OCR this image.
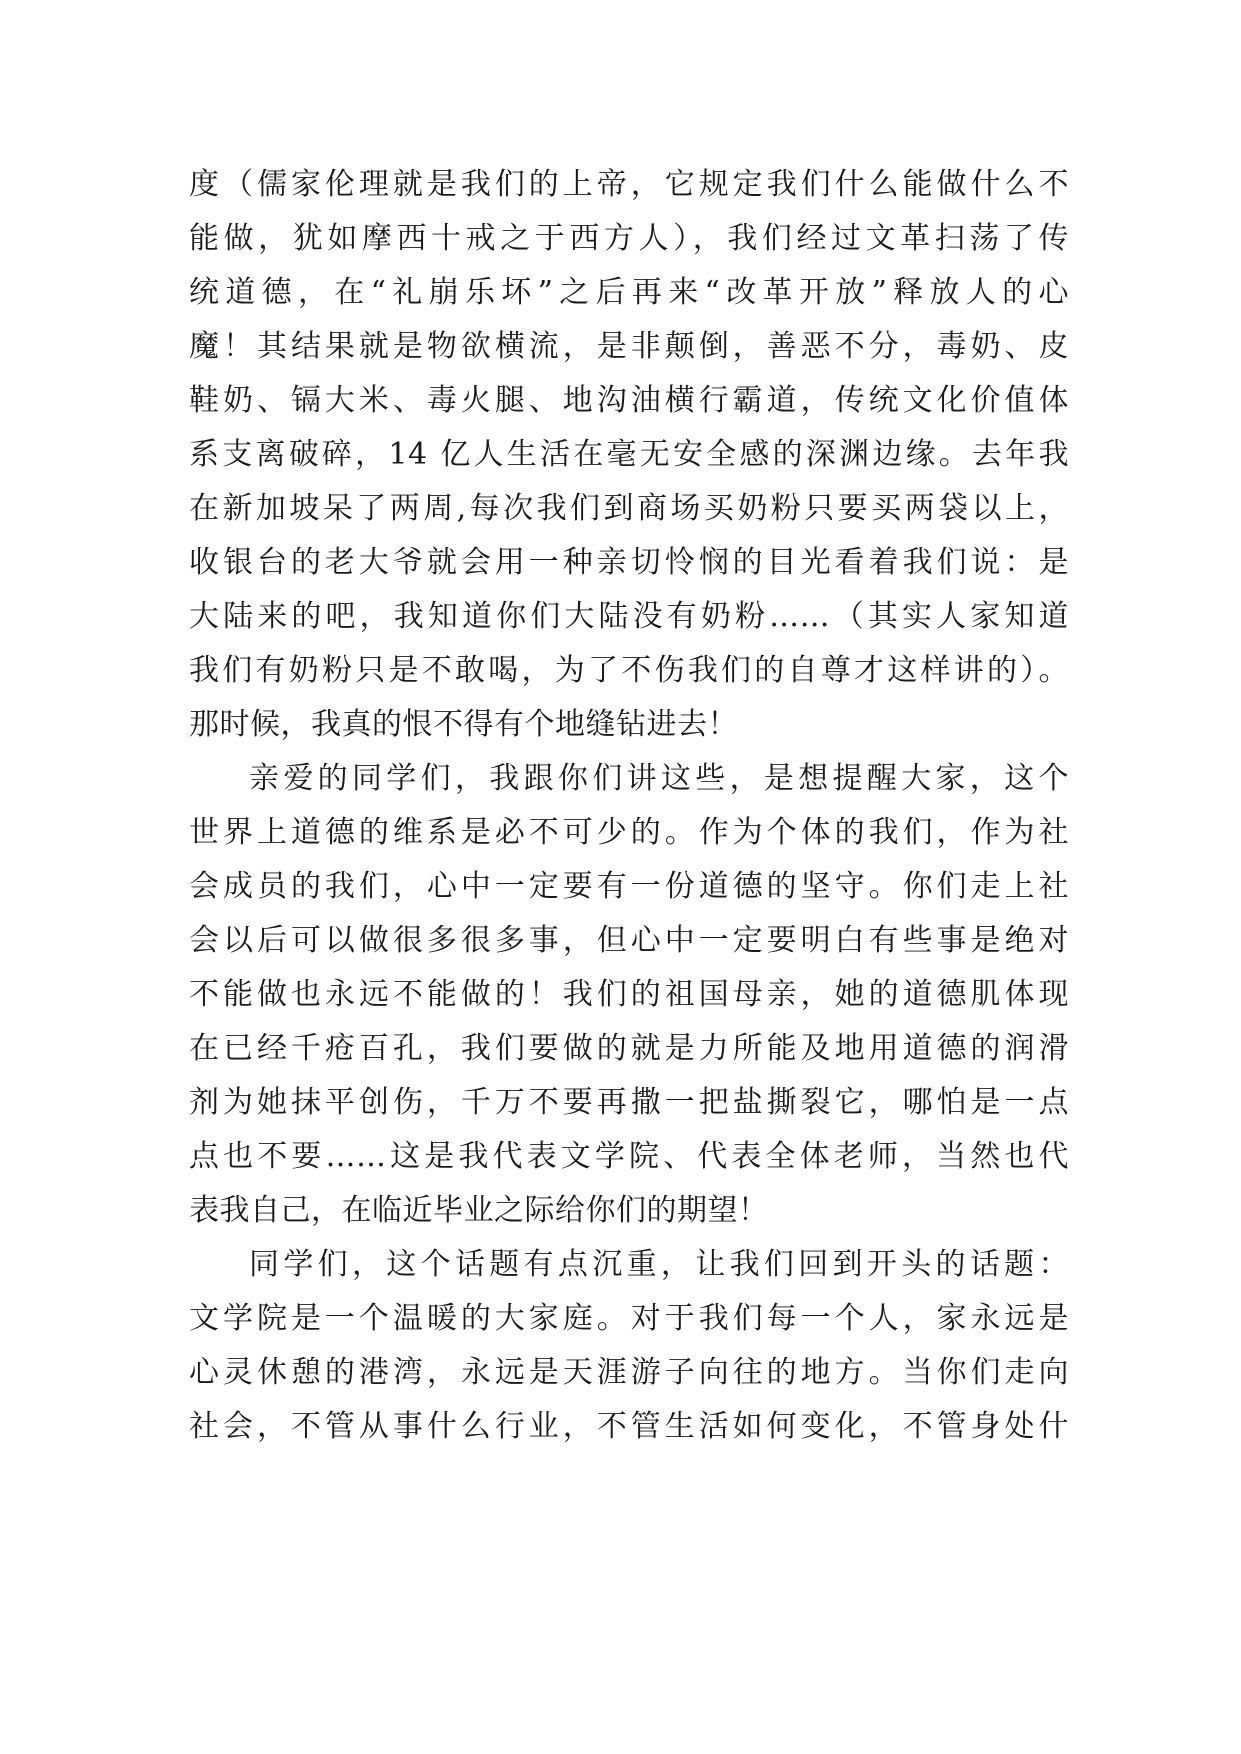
度（儒家伦理就是我们的上帝，它规定我们什么能做什么不
能做，犹如摩西十戒之于西方人），我们经过文革扫荡了传
统道德，在“礼崩乐坏”之后再来“改革开放”释放人的心
魔！其结果就是物欲横流，是非颠倒，善恶不分，毒奶、皮
鞋奶、镉大米、毒火腿、地沟油横行霸道，传统文化价值体
系支离破碎，14 亿人生活在毫无安全感的深渊边缘。去年我
在新加坡呆了两周,每次我们到商场买奶粉只要买两袋以上，
收银台的老大爷就会用一种亲切怜悯的目光看着我们说：是
大陆来的吧，我知道你们大陆没有奶粉……（其实人家知道
我们有奶粉只是不敢喝，为了不伤我们的自尊才这样讲的）。
那时候，我真的恨不得有个地缝钻进去！
亲爱的同学们，我跟你们讲这些，是想提醒大家，这个
世界上道德的维系是必不可少的。作为个体的我们，作为社
会成员的我们，心中一定要有一份道德的坚守。你们走上社
会以后可以做很多很多事，但心中一定要明白有些事是绝对
不能做也永远不能做的！我们的祖国母亲，她的道德肌体现
在已经千疮百孔，我们要做的就是力所能及地用道德的润滑
剂为她抹平创伤，千万不要再撒一把盐撕裂它，哪怕是一点
点也不要……这是我代表文学院、代表全体老师，当然也代
表我自己，在临近毕业之际给你们的期望！
同学们，这个话题有点沉重，让我们回到开头的话题：
文学院是一个温暖的大家庭。对于我们每一个人，家永远是
心灵休憩的港湾，永远是天涯游子向往的地方。当你们走向
社会，不管从事什么行业，不管生活如何变化，不管身处什
